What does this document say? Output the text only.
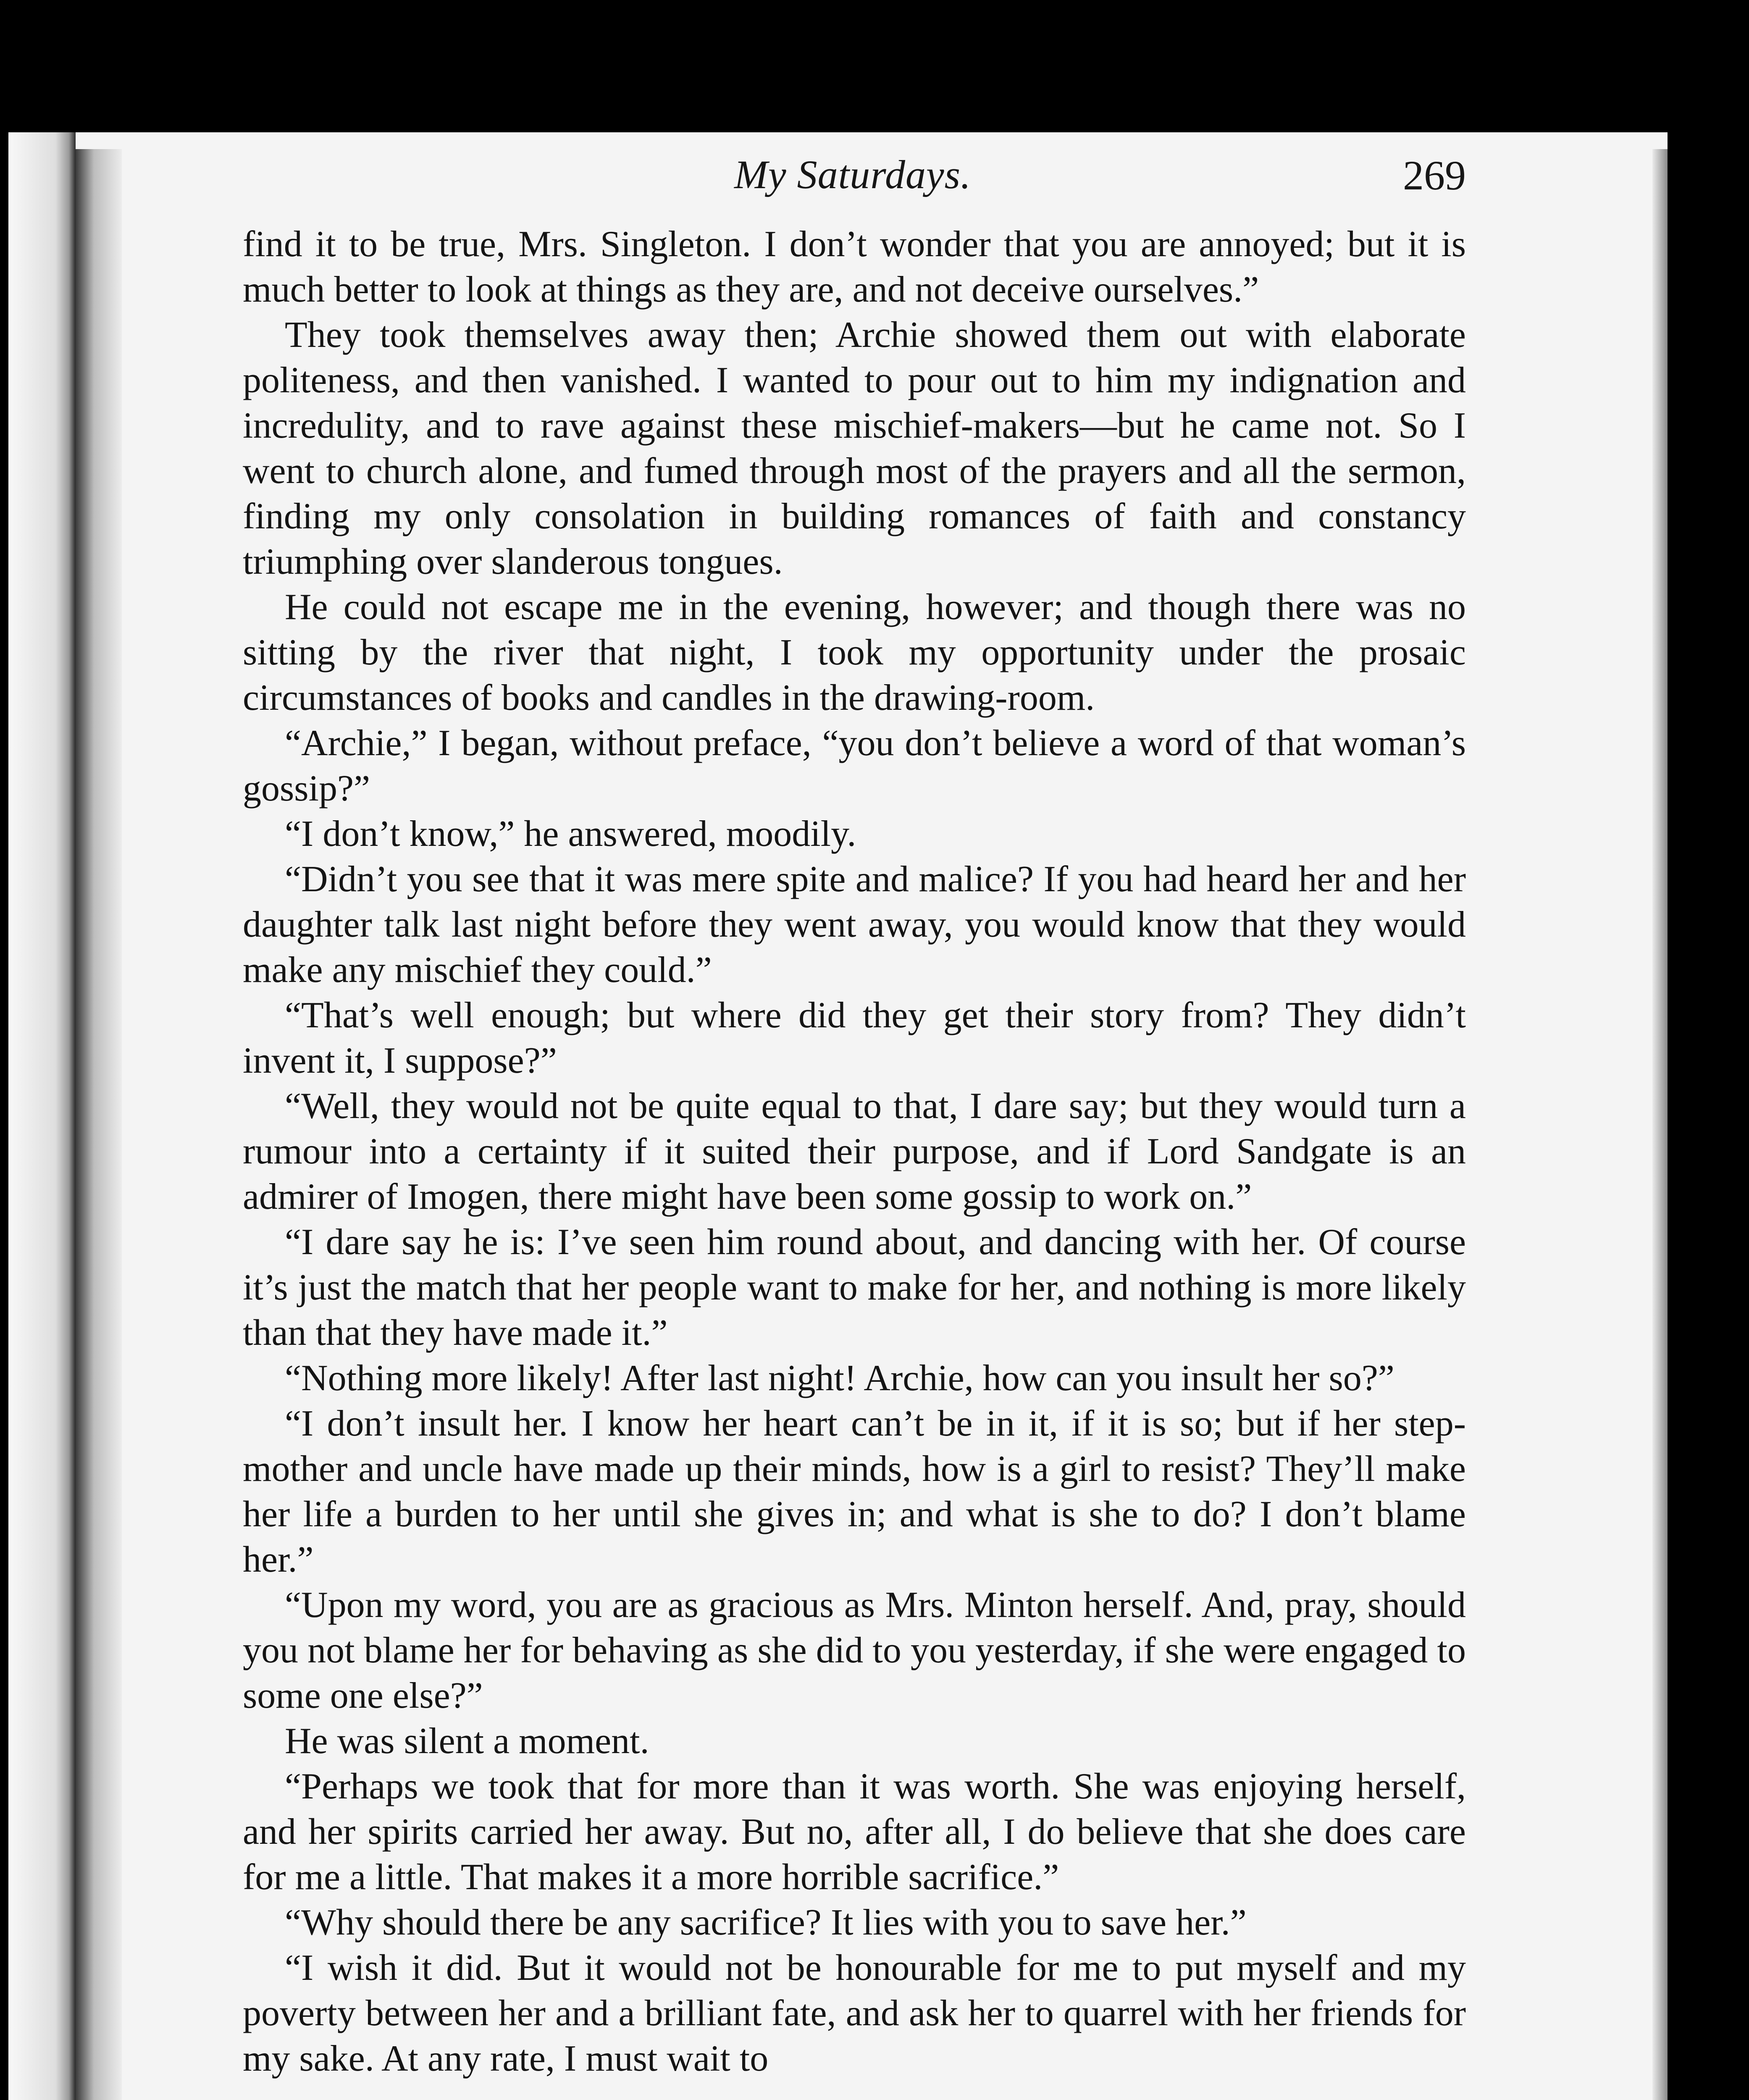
My Saturdays.	269

find it to be true, Mrs. Singleton. I don’t wonder that you are annoyed; but it is much better to look at things as they are, and not deceive ourselves.”

They took themselves away then; Archie showed them out with elaborate politeness, and then vanished. I wanted to pour out to him my indignation and incredulity, and to rave against these mischief-makers—but he came not. So I went to church alone, and fumed through most of the prayers and all the sermon, finding my only consolation in building romances of faith and constancy triumphing over slanderous tongues.

He could not escape me in the evening, however; and though there was no sitting by the river that night, I took my opportunity under the prosaic circumstances of books and candles in the drawing-room.

“Archie,” I began, without preface, “you don’t believe a word of that woman’s gossip?”

“I don’t know,” he answered, moodily.

“Didn’t you see that it was mere spite and malice? If you had heard her and her daughter talk last night before they went away, you would know that they would make any mischief they could.”

“That’s well enough; but where did they get their story from? They didn’t invent it, I suppose?”

“Well, they would not be quite equal to that, I dare say; but they would turn a rumour into a certainty if it suited their purpose, and if Lord Sandgate is an admirer of Imogen, there might have been some gossip to work on.”

“I dare say he is: I’ve seen him round about, and dancing with her. Of course it’s just the match that her people want to make for her, and nothing is more likely than that they have made it.”

“Nothing more likely! After last night! Archie, how can you insult her so?”

“I don’t insult her. I know her heart can’t be in it, if it is so; but if her step-mother and uncle have made up their minds, how is a girl to resist? They’ll make her life a burden to her until she gives in; and what is she to do? I don’t blame her.”

“Upon my word, you are as gracious as Mrs. Minton herself. And, pray, should you not blame her for behaving as she did to you yesterday, if she were engaged to some one else?”

He was silent a moment.

“Perhaps we took that for more than it was worth. She was enjoying herself, and her spirits carried her away. But no, after all, I do believe that she does care for me a little. That makes it a more horrible sacrifice.”

“Why should there be any sacrifice? It lies with you to save her.”

“I wish it did. But it would not be honourable for me to put myself and my poverty between her and a brilliant fate, and ask her to quarrel with her friends for my sake. At any rate, I must wait to
